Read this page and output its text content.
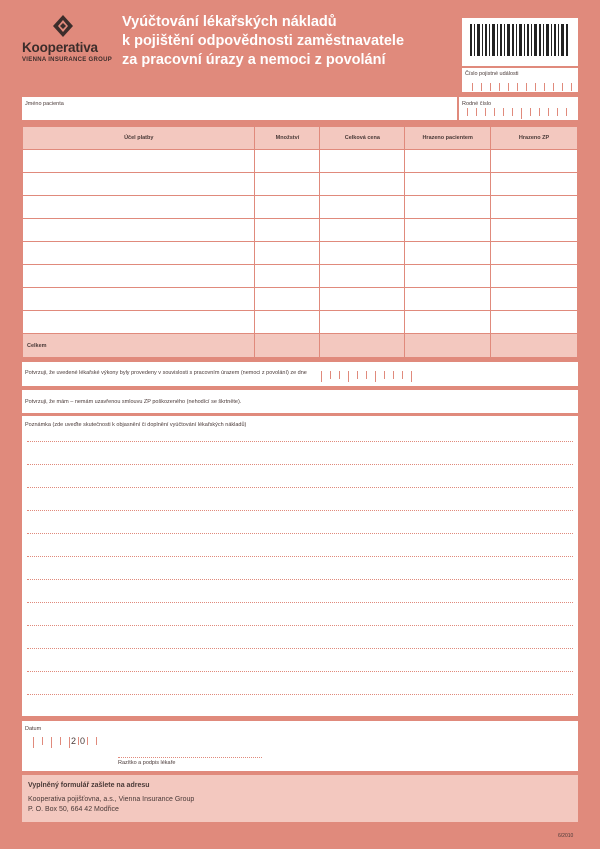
Kooperativa
VIENNA INSURANCE GROUP
Vyúčtování lékařských nákladů
k pojištění odpovědnosti zaměstnavatele
za pracovní úrazy a nemoci z povolání
Číslo pojistné události
Jméno pacienta	Rodné číslo
Účel platby	Množství	Celková cena	Hrazeno pacientem	Hrazeno ZP

Celkem				
Potvrzuji, že uvedené lékařské výkony byly provedeny v souvislosti s pracovním úrazem (nemoci z povolání) ze dne
Potvrzuji, že mám – nemám uzavřenou smlouvu ZP poškozeného (nehodící se škrtněte).
Poznámka (zde uveďte skutečnosti k objasnění či doplnění vyúčtování lékařských nákladů)
Datum
2 0
Razítko a podpis lékaře
Vyplněný formulář zašlete na adresu
Kooperativa pojišťovna, a.s., Vienna Insurance Group
P. O. Box 50, 664 42 Modřice
6/2010
